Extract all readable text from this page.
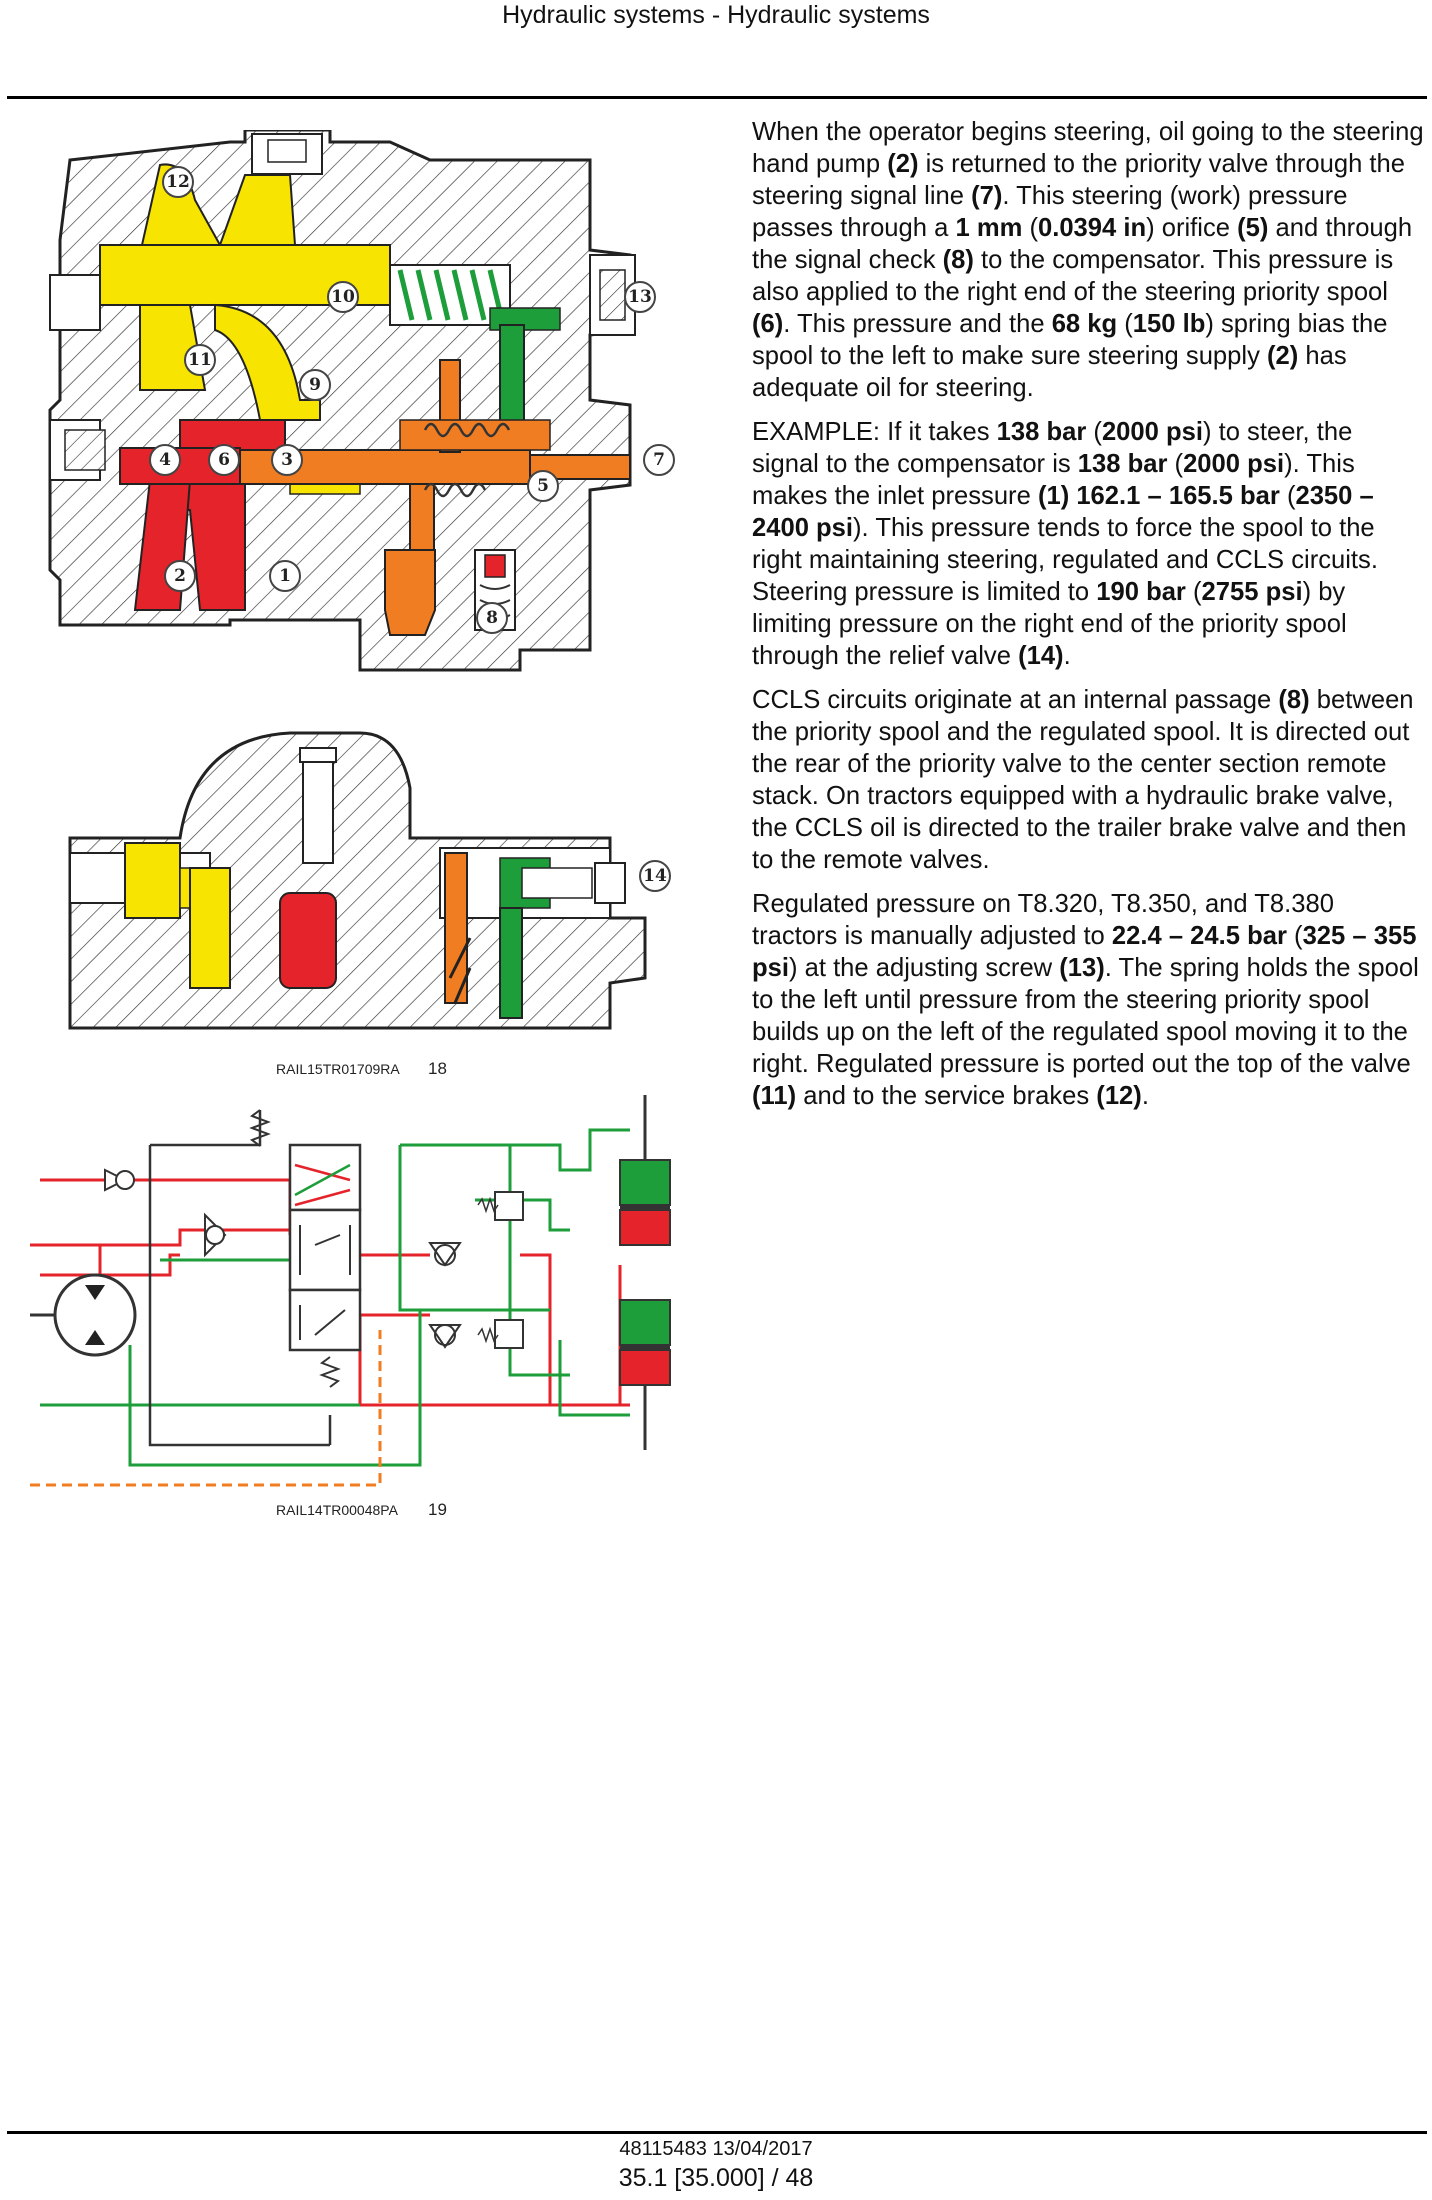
Hydraulic systems - Hydraulic systems
12
10	13
11
9
4	6	3	7
5
2	1
8
14
RAIL15TR01709RA 18
RAIL14TR00048PA 19

When the operator begins steering, oil going to the steering hand pump (2) is returned to the priority valve through the steering signal line (7). This steering (work) pressure passes through a 1 mm (0.0394 in) orifice (5) and through the signal check (8) to the compensator. This pressure is also applied to the right end of the steering priority spool (6). This pressure and the 68 kg (150 lb) spring bias the spool to the left to make sure steering supply (2) has adequate oil for steering.

EXAMPLE: If it takes 138 bar (2000 psi) to steer, the signal to the compensator is 138 bar (2000 psi). This makes the inlet pressure (1) 162.1 – 165.5 bar (2350 – 2400 psi). This pressure tends to force the spool to the right maintaining steering, regulated and CCLS circuits. Steering pressure is limited to 190 bar (2755 psi) by limiting pressure on the right end of the priority spool through the relief valve (14).

CCLS circuits originate at an internal passage (8) between the priority spool and the regulated spool. It is directed out the rear of the priority valve to the center section remote stack. On tractors equipped with a hydraulic brake valve, the CCLS oil is directed to the trailer brake valve and then to the remote valves.

Regulated pressure on T8.320, T8.350, and T8.380 tractors is manually adjusted to 22.4 – 24.5 bar (325 – 355 psi) at the adjusting screw (13). The spring holds the spool to the left until pressure from the steering priority spool builds up on the left of the regulated spool moving it to the right. Regulated pressure is ported out the top of the valve (11) and to the service brakes (12).

48115483 13/04/2017
35.1 [35.000] / 48
